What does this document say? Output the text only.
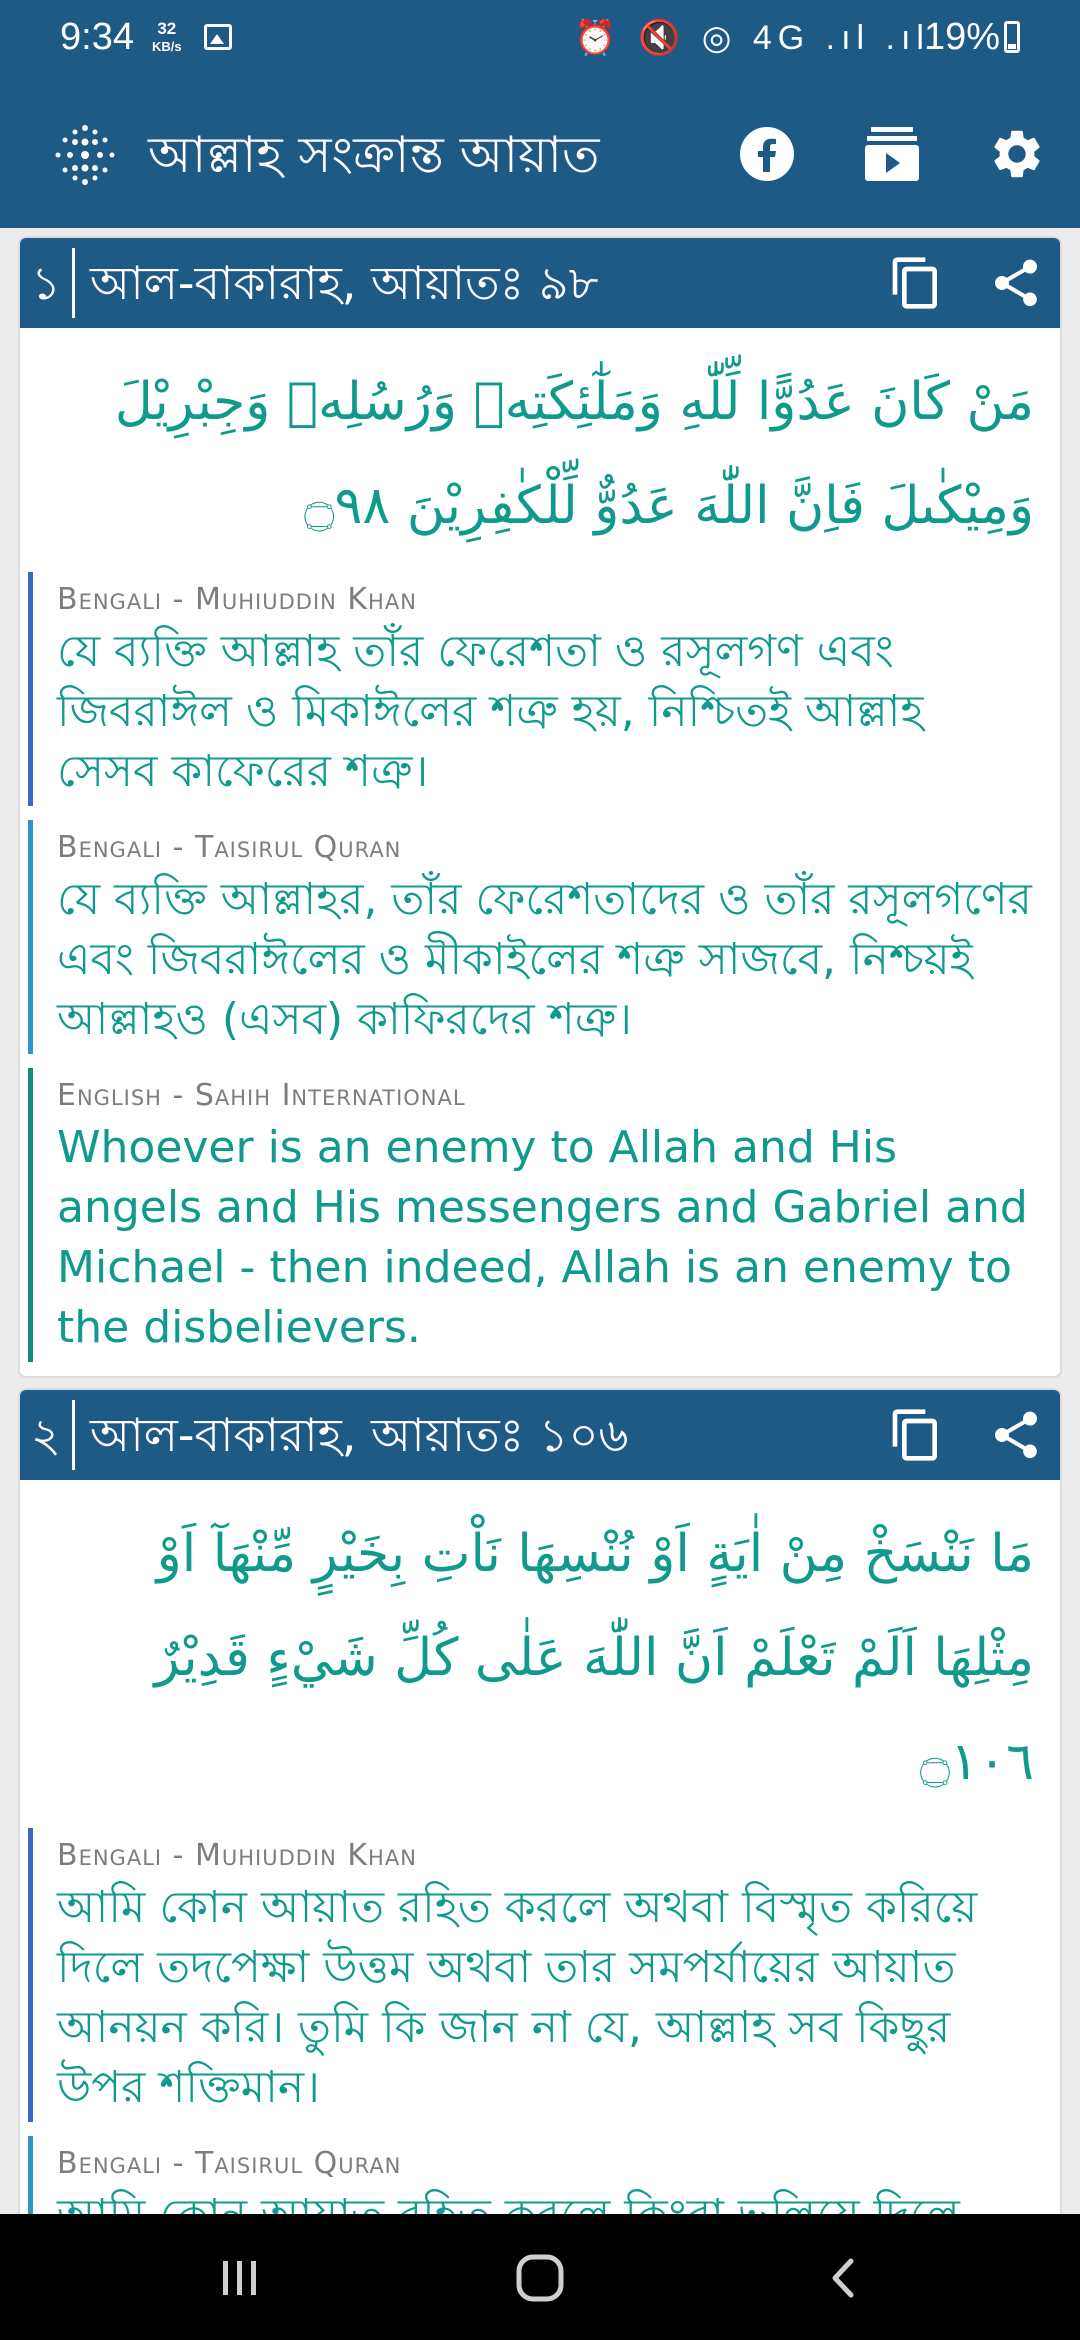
9:34	32
KB/s	⏰ 🔇 ◎ 4G .ıl .ıl
19%
আল্লাহ সংক্রান্ত আয়াত
১ আল-বাকারাহ, আয়াতঃ ৯৮
مَنْ كَانَ عَدُوًّا لِّلّٰهِ وَمَلٰٓئِكَتِهٖ وَرُسُلِهٖ وَجِبْرِيْلَ وَمِيْكٰىلَ فَاِنَّ اللّٰهَ عَدُوٌّ لِّلْكٰفِرِيْنَ ۝٩٨
Bengali - Muhiuddin Khan
যে ব্যক্তি আল্লাহ তাঁর ফেরেশতা ও রসূলগণ এবং জিবরাঈল ও মিকাঈলের শত্রু হয়, নিশ্চিতই আল্লাহ সেসব কাফেরের শত্রু।
Bengali - Taisirul Quran
যে ব্যক্তি আল্লাহর, তাঁর ফেরেশতাদের ও তাঁর রসূলগণের এবং জিবরাঈলের ও মীকাইলের শত্রু সাজবে, নিশ্চয়ই আল্লাহও (এসব) কাফিরদের শত্রু।
English - Sahih International
Whoever is an enemy to Allah and His angels and His messengers and Gabriel and Michael - then indeed, Allah is an enemy to the disbelievers.
২ আল-বাকারাহ, আয়াতঃ ১০৬
مَا نَنْسَخْ مِنْ اٰيَةٍ اَوْ نُنْسِهَا نَاْتِ بِخَيْرٍ مِّنْهَآ اَوْ مِثْلِهَا اَلَمْ تَعْلَمْ اَنَّ اللّٰهَ عَلٰى كُلِّ شَيْءٍ قَدِيْرٌ ۝١٠٦
Bengali - Muhiuddin Khan
আমি কোন আয়াত রহিত করলে অথবা বিস্মৃত করিয়ে দিলে তদপেক্ষা উত্তম অথবা তার সমপর্যায়ের আয়াত আনয়ন করি। তুমি কি জান না যে, আল্লাহ সব কিছুর উপর শক্তিমান।
Bengali - Taisirul Quran
